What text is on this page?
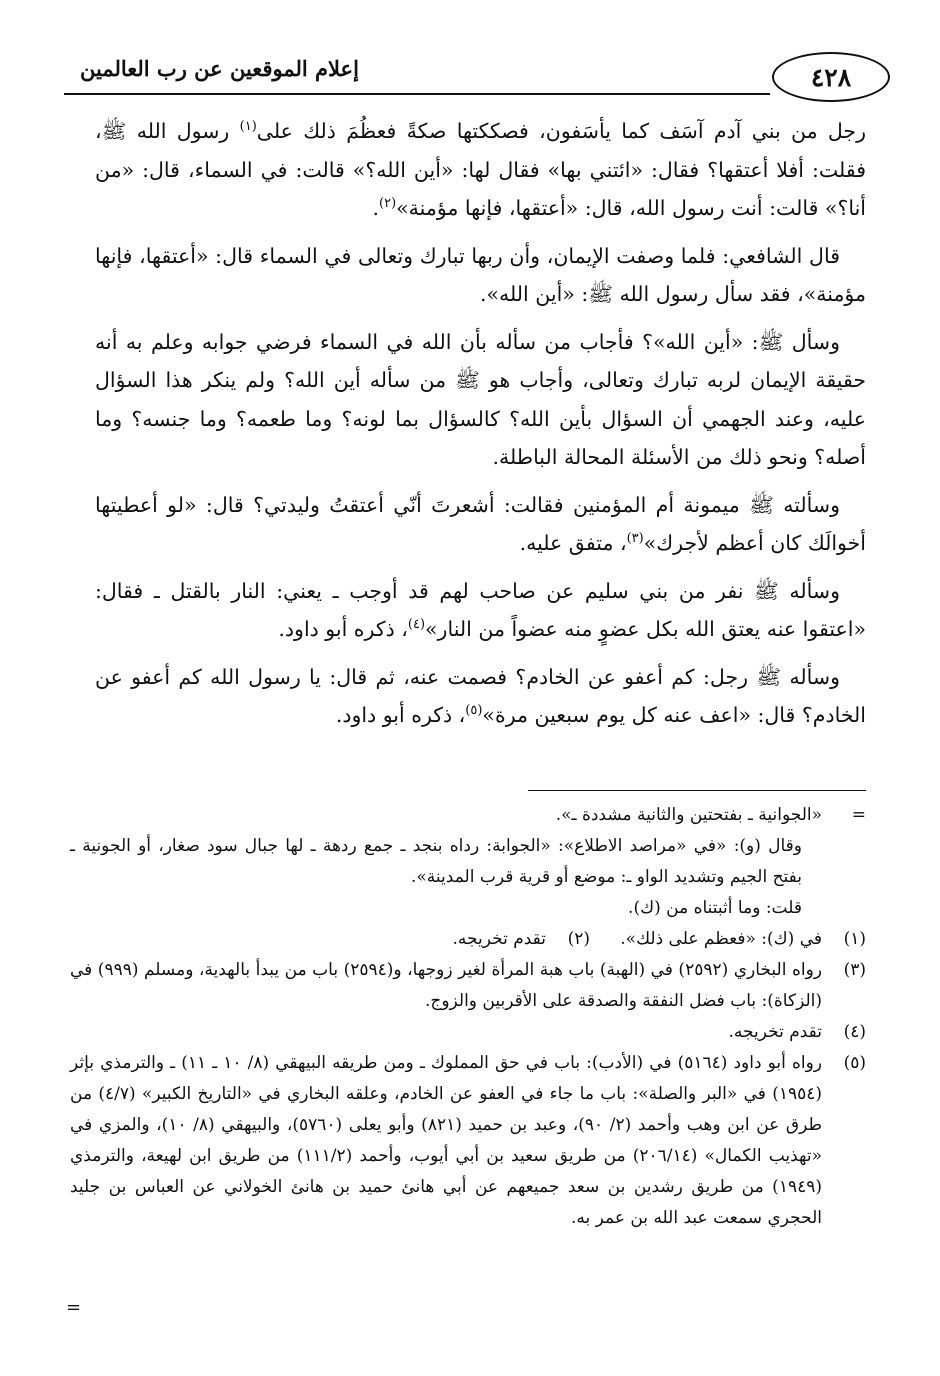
إعلام الموقعين عن رب العالمين	٤٢٨

رجل من بني آدم آسَف كما يأسَفون، فصككتها صكةً فعظُمَ ذلك على$^{(١)}$ رسول الله ﷺ، فقلت: أفلا أعتقها؟ فقال: «ائتني بها» فقال لها: «أين الله؟» قالت: في السماء، قال: «من أنا؟» قالت: أنت رسول الله، قال: «أعتقها، فإنها مؤمنة»$^{(٢)}$.

قال الشافعي: فلما وصفت الإيمان، وأن ربها تبارك وتعالى في السماء قال: «أعتقها، فإنها مؤمنة»، فقد سأل رسول الله ﷺ: «أين الله».

وسأل ﷺ: «أين الله»؟ فأجاب من سأله بأن الله في السماء فرضي جوابه وعلم به أنه حقيقة الإيمان لربه تبارك وتعالى، وأجاب هو ﷺ من سأله أين الله؟ ولم ينكر هذا السؤال عليه، وعند الجهمي أن السؤال بأين الله؟ كالسؤال بما لونه؟ وما طعمه؟ وما جنسه؟ وما أصله؟ ونحو ذلك من الأسئلة المحالة الباطلة.

وسألته ﷺ ميمونة أم المؤمنين فقالت: أشعرتَ أنّي أعتقتُ وليدتي؟ قال: «لو أعطيتها أخوالَك كان أعظم لأجرك»$^{(٣)}$، متفق عليه.

وسأله ﷺ نفر من بني سليم عن صاحب لهم قد أوجب ـ يعني: النار بالقتل ـ فقال: «اعتقوا عنه يعتق الله بكل عضوٍ منه عضواً من النار»$^{(٤)}$، ذكره أبو داود.

وسأله ﷺ رجل: كم أعفو عن الخادم؟ فصمت عنه، ثم قال: يا رسول الله كم أعفو عن الخادم؟ قال: «اعف عنه كل يوم سبعين مرة»$^{(٥)}$، ذكره أبو داود.

=
«الجوانية ـ بفتحتين والثانية مشددة ـ».
وقال (و): «في «مراصد الاطلاع»: «الجوابة: رداه بنجد ـ جمع ردهة ـ لها جبال سود صغار، أو الجونية ـ بفتح الجيم وتشديد الواو ـ: موضع أو قرية قرب المدينة».
قلت: وما أثبتناه من (ك).
(١)
في (ك): «فعظم على ذلك».
(٢)
تقدم تخريجه.
(٣)
رواه البخاري (٢٥٩٢) في (الهبة) باب هبة المرأة لغير زوجها، و(٢٥٩٤) باب من يبدأ بالهدية، ومسلم (٩٩٩) في (الزكاة): باب فضل النفقة والصدقة على الأقربين والزوج.
(٤)
تقدم تخريجه.
(٥)
رواه أبو داود (٥١٦٤) في (الأدب): باب في حق المملوك ـ ومن طريقه البيهقي (٨/ ١٠ ـ ١١) ـ والترمذي بإثر (١٩٥٤) في «البر والصلة»: باب ما جاء في العفو عن الخادم، وعلقه البخاري في «التاريخ الكبير» (٤/٧) من طرق عن ابن وهب وأحمد (٢/ ٩٠)، وعبد بن حميد (٨٢١) وأبو يعلى (٥٧٦٠)، والبيهقي (٨/ ١٠)، والمزي في «تهذيب الكمال» (٢٠٦/١٤) من طريق سعيد بن أبي أيوب، وأحمد (١١١/٢) من طريق ابن لهيعة، والترمذي (١٩٤٩) من طريق رشدين بن سعد جميعهم عن أبي هانئ حميد بن هانئ الخولاني عن العباس بن جليد الحجري سمعت عبد الله بن عمر به.
=
